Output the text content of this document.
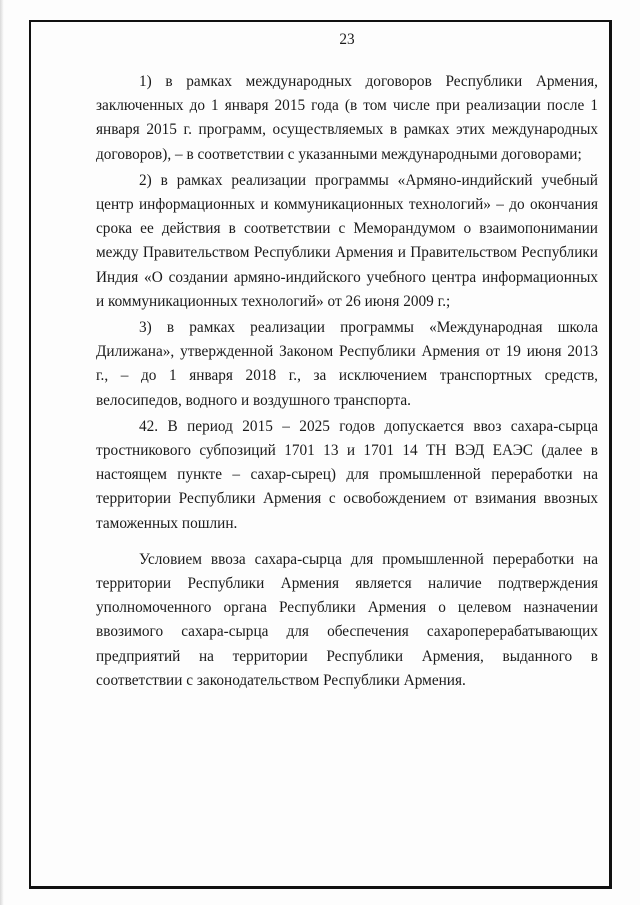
23

1) в рамках международных договоров Республики Армения, заключенных до 1 января 2015 года (в том числе при реализации после 1 января 2015 г. программ, осуществляемых в рамках этих международных договоров), – в соответствии с указанными международными договорами;

2) в рамках реализации программы «Армяно-индийский учебный центр информационных и коммуникационных технологий» – до окончания срока ее действия в соответствии с Меморандумом о взаимопонимании между Правительством Республики Армения и Правительством Республики Индия «О создании армяно-индийского учебного центра информационных и коммуникационных технологий» от 26 июня 2009 г.;

3) в рамках реализации программы «Международная школа Дилижана», утвержденной Законом Республики Армения от 19 июня 2013 г., – до 1 января 2018 г., за исключением транспортных средств, велосипедов, водного и воздушного транспорта.

42. В период 2015 – 2025 годов допускается ввоз сахара-сырца тростникового субпозиций 1701 13 и 1701 14 ТН ВЭД ЕАЭС (далее в настоящем пункте – сахар-сырец) для промышленной переработки на территории Республики Армения с освобождением от взимания ввозных таможенных пошлин.

Условием ввоза сахара-сырца для промышленной переработки на территории Республики Армения является наличие подтверждения уполномоченного органа Республики Армения о целевом назначении ввозимого сахара-сырца для обеспечения сахароперерабатывающих предприятий на территории Республики Армения, выданного в соответствии с законодательством Республики Армения.
